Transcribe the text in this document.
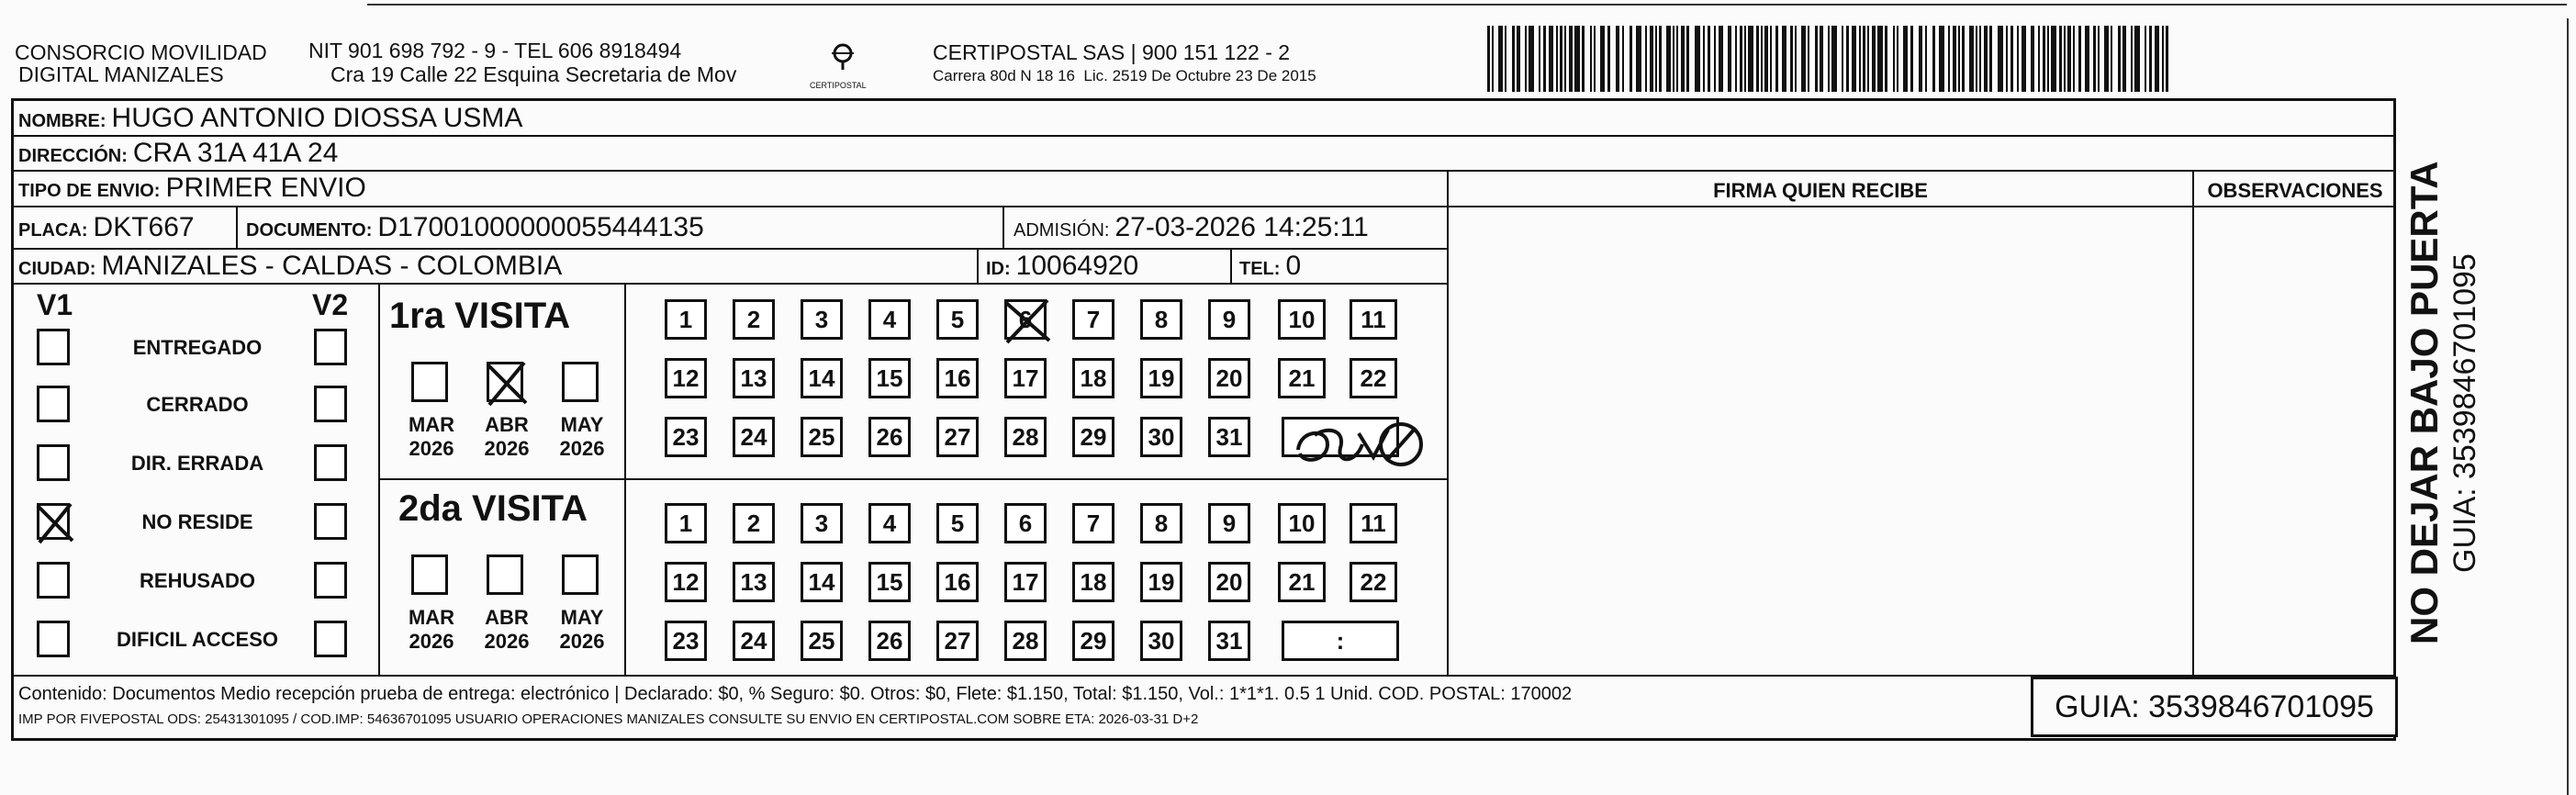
CONSORCIO MOVILIDAD
DIGITAL MANIZALES
NIT 901 698 792 - 9 - TEL 606 8918494
Cra 19 Calle 22 Esquina Secretaria de Mov	CERTIPOSTAL
CERTIPOSTAL SAS | 900 151 122 - 2
Carrera 80d N 18 16  Lic. 2519 De Octubre 23 De 2015
NOMBRE: HUGO ANTONIO DIOSSA USMA
DIRECCIÓN: CRA 31A 41A 24
TIPO DE ENVIO: PRIMER ENVIO
PLACA: DKT667	DOCUMENTO: D17001000000055444135	ADMISIÓN: 27-03-2026 14:25:11
CIUDAD: MANIZALES - CALDAS - COLOMBIA	ID: 10064920	TEL: 0
FIRMA QUIEN RECIBE	OBSERVACIONES
V1	V2
ENTREGADO
CERRADO
DIR. ERRADA
NO RESIDE
REHUSADO
DIFICIL ACCESO
1ra VISITA
MAR
2026
ABR
2026
MAY
2026
1	2	3	4	5	6	7	8	9	10	11
12	13	14	15	16	17	18	19	20	21	22
23	24	25	26	27	28	29	30	31
2da VISITA
MAR
2026
ABR
2026
MAY
2026
1	2	3	4	5	6	7	8	9	10	11
12	13	14	15	16	17	18	19	20	21	22
23	24	25	26	27	28	29	30	31	:
Contenido: Documentos Medio recepción prueba de entrega: electrónico | Declarado: $0, % Seguro: $0. Otros: $0, Flete: $1.150, Total: $1.150, Vol.: 1*1*1. 0.5 1 Unid. COD. POSTAL: 170002
IMP POR FIVEPOSTAL ODS: 25431301095 / COD.IMP: 54636701095 USUARIO OPERACIONES MANIZALES CONSULTE SU ENVIO EN CERTIPOSTAL.COM SOBRE ETA: 2026-03-31 D+2	GUIA: 3539846701095
NO DEJAR BAJO PUERTA GUIA: 3539846701095
